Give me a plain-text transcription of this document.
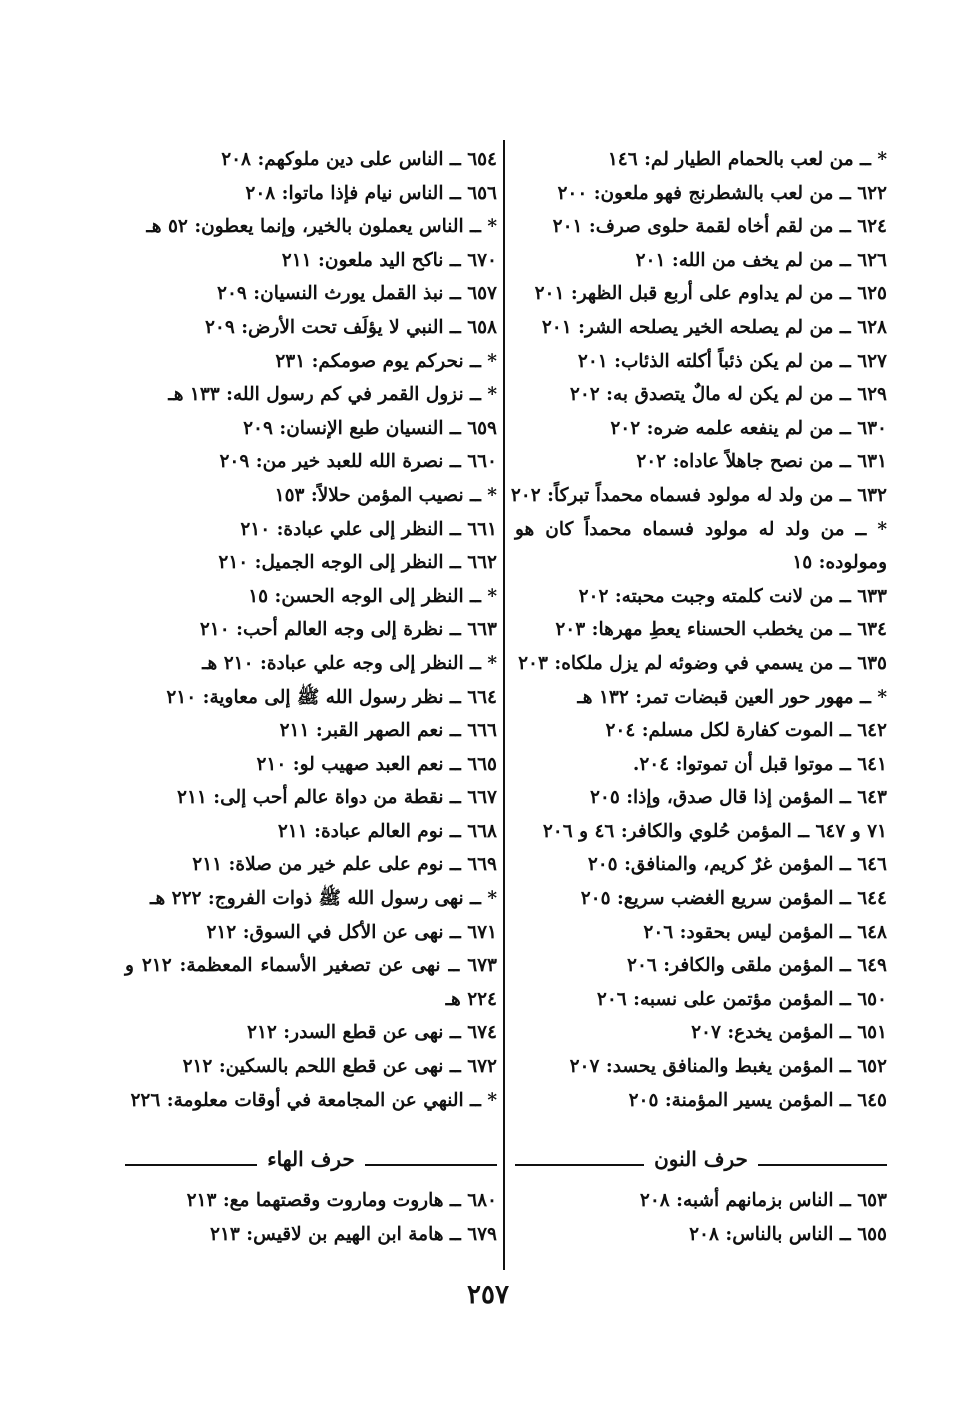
* ــ من لعب بالحمام الطيار لم: ١٤٦
٦٢٢ ــ من لعب بالشطرنج فهو ملعون: ٢٠٠
٦٢٤ ــ من لقم أخاه لقمة حلوى صرف: ٢٠١
٦٢٦ ــ من لم يخف من الله: ٢٠١
٦٢٥ ــ من لم يداوم على أربع قبل الظهر: ٢٠١
٦٢٨ ــ من لم يصلحه الخير يصلحه الشر: ٢٠١
٦٢٧ ــ من لم يكن ذئباً أكلته الذئاب: ٢٠١
٦٢٩ ــ من لم يكن له مالٌ يتصدق به: ٢٠٢
٦٣٠ ــ من لم ينفعه علمه ضره: ٢٠٢
٦٣١ ــ من نصح جاهلاً عاداه: ٢٠٢
٦٣٢ ــ من ولد له مولود فسماه محمداً تبركاً: ٢٠٢
* ــ من ولد له مولود فسماه محمداً كان هو ومولوده: ١٥
٦٣٣ ــ من لانت كلمته وجبت محبته: ٢٠٢
٦٣٤ ــ من يخطب الحسناء يعطِ مهرها: ٢٠٣
٦٣٥ ــ من يسمي في وضوئه لم يزل ملكاه: ٢٠٣
* ــ مهور حور العين قبضات تمر: ١٣٢ هـ
٦٤٢ ــ الموت كفارة لكل مسلم: ٢٠٤
٦٤١ ــ موتوا قبل أن تموتوا: ٢٠٤.
٦٤٣ ــ المؤمن إذا قال صدق، وإذا: ٢٠٥
٧١ و ٦٤٧ ــ المؤمن حُلوي والكافر: ٤٦ و ٢٠٦
٦٤٦ ــ المؤمن غرٌ كريم، والمنافق: ٢٠٥
٦٤٤ ــ المؤمن سريع الغضب سريع: ٢٠٥
٦٤٨ ــ المؤمن ليس بحقود: ٢٠٦
٦٤٩ ــ المؤمن ملقى والكافر: ٢٠٦
٦٥٠ ــ المؤمن مؤتمن على نسبه: ٢٠٦
٦٥١ ــ المؤمن يخدع: ٢٠٧
٦٥٢ ــ المؤمن يغبط والمنافق يحسد: ٢٠٧
٦٤٥ ــ المؤمن يسير المؤمنة: ٢٠٥
٦٥٤ ــ الناس على دين ملوكهم: ٢٠٨
٦٥٦ ــ الناس نيام فإذا ماتوا: ٢٠٨
* ــ الناس يعملون بالخير، وإنما يعطون: ٥٢ هـ
٦٧٠ ــ ناكح اليد ملعون: ٢١١
٦٥٧ ــ نبذ القمل يورث النسيان: ٢٠٩
٦٥٨ ــ النبي لا يؤلَف تحت الأرض: ٢٠٩
* ــ نحركم يوم صومكم: ٢٣١
* ــ نزول القمر في كم رسول الله: ١٣٣ هـ
٦٥٩ ــ النسيان طبع الإنسان: ٢٠٩
٦٦٠ ــ نصرة الله للعبد خير من: ٢٠٩
* ــ نصيب المؤمن حلالاً: ١٥٣
٦٦١ ــ النظر إلى علي عبادة: ٢١٠
٦٦٢ ــ النظر إلى الوجه الجميل: ٢١٠
* ــ النظر إلى الوجه الحسن: ١٥
٦٦٣ ــ نظرة إلى وجه العالم أحب: ٢١٠
* ــ النظر إلى وجه علي عبادة: ٢١٠ هـ
٦٦٤ ــ نظر رسول الله ﷺ إلى معاوية: ٢١٠
٦٦٦ ــ نعم الصهر القبر: ٢١١
٦٦٥ ــ نعم العبد صهيب لو: ٢١٠
٦٦٧ ــ نقطة من دواة عالم أحب إلى: ٢١١
٦٦٨ ــ نوم العالم عبادة: ٢١١
٦٦٩ ــ نوم على علم خير من صلاة: ٢١١
* ــ نهى رسول الله ﷺ ذوات الفروج: ٢٢٢ هـ
٦٧١ ــ نهى عن الأكل في السوق: ٢١٢
٦٧٣ ــ نهى عن تصغير الأسماء المعظمة: ٢١٢ و ٢٢٤ هـ
٦٧٤ ــ نهى عن قطع السدر: ٢١٢
٦٧٢ ــ نهى عن قطع اللحم بالسكين: ٢١٢
* ــ النهي عن المجامعة في أوقات معلومة: ٢٢٦
حرف النون
حرف الهاء
٦٥٣ ــ الناس بزمانهم أشبه: ٢٠٨
٦٥٥ ــ الناس بالناس: ٢٠٨
٦٨٠ ــ هاروت وماروت وقصتهما مع: ٢١٣
٦٧٩ ــ هامة ابن الهيم بن لاقيس: ٢١٣
٢٥٧
